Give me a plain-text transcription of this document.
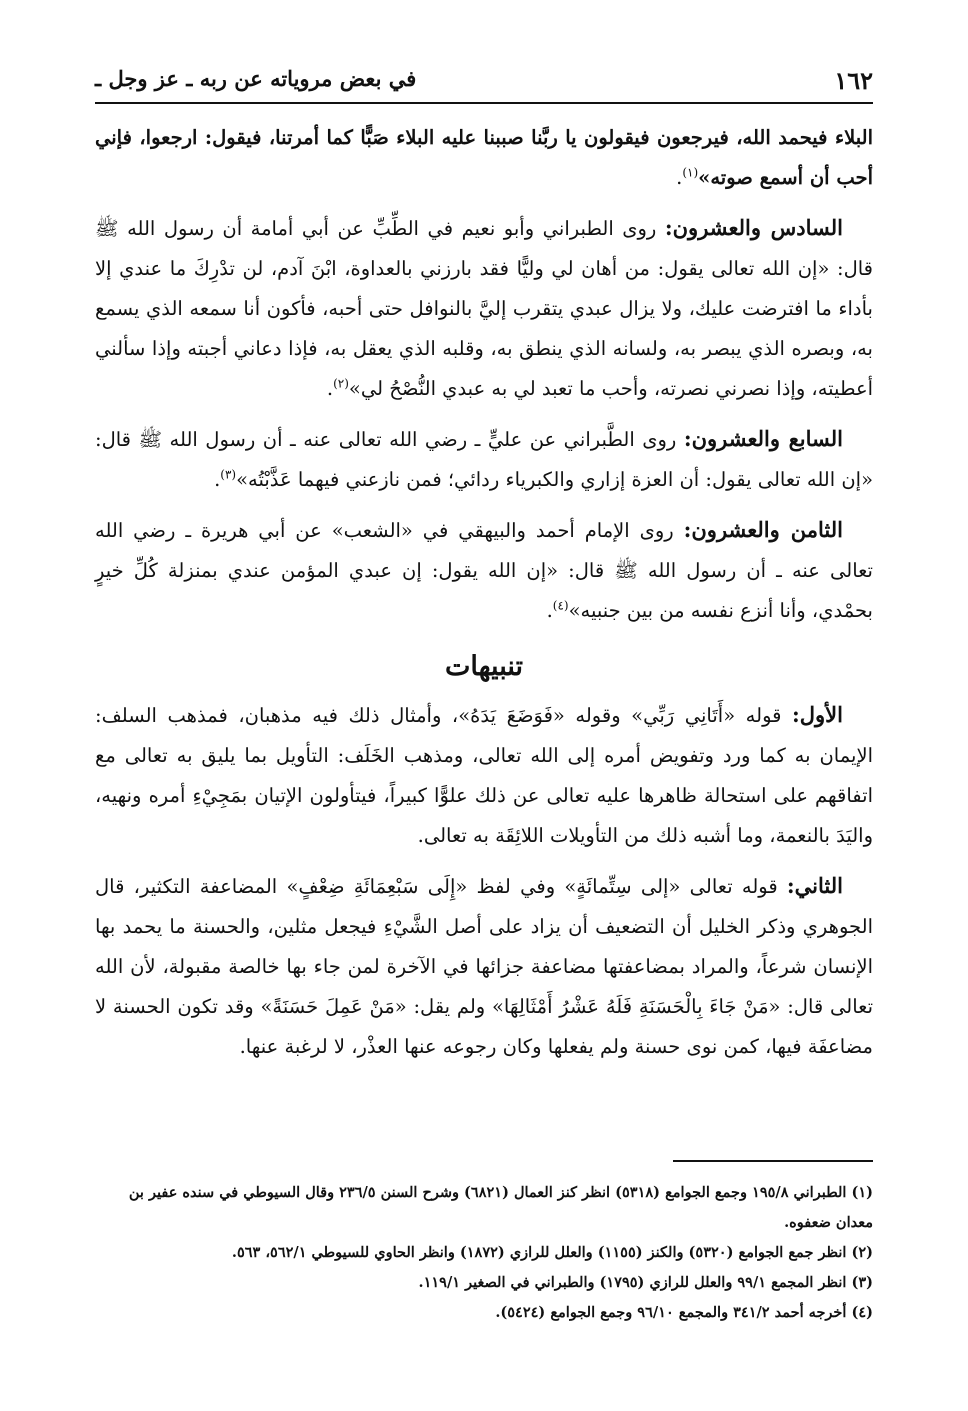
١٦٢
في بعض مروياته عن ربه ـ عز وجل ـ

البلاء فيحمد الله، فيرجعون فيقولون يا ربَّنا صببنا عليه البلاء صَبًّا كما أمرتنا، فيقول: ارجعوا، فإني أحب أن أسمع صوته»$^{(١)}$.

السادس والعشرون: روى الطبراني وأبو نعيم في الطِّبِّ عن أبي أمامة أن رسول الله ﷺ قال: «إن الله تعالى يقول: من أهان لي وليًّا فقد بارزني بالعداوة، ابْنَ آدم، لن تدْرِكَ ما عندي إلا بأداء ما افترضت عليك، ولا يزال عبدي يتقرب إليَّ بالنوافل حتى أحبه، فأكون أنا سمعه الذي يسمع به، وبصره الذي يبصر به، ولسانه الذي ينطق به، وقلبه الذي يعقل به، فإذا دعاني أجبته وإذا سألني أعطيته، وإذا نصرني نصرته، وأحب ما تعبد لي به عبدي النُّصْحُ لي»$^{(٢)}$.

السابع والعشرون: روى الطَّبراني عن عليٍّ ـ رضي الله تعالى عنه ـ أن رسول الله ﷺ قال: «إن الله تعالى يقول: أن العزة إزاري والكبرياء ردائي؛ فمن نازعني فيهما عَذَّبْتُه»$^{(٣)}$.

الثامن والعشرون: روى الإمام أحمد والبيهقي في «الشعب» عن أبي هريرة ـ رضي الله تعالى عنه ـ أن رسول الله ﷺ قال: «إن الله يقول: إن عبدي المؤمن عندي بمنزلة كُلِّ خيرٍ بحمْدي، وأنا أنزع نفسه من بين جنبيه»$^{(٤)}$.

تنبيهات

الأول: قوله «أَتَانِي رَبِّي» وقوله «فَوَضَعَ يَدَهُ»، وأمثال ذلك فيه مذهبان، فمذهب السلف: الإيمان به كما ورد وتفويض أمره إلى الله تعالى، ومذهب الخَلَف: التأويل بما يليق به تعالى مع اتفاقهم على استحالة ظاهرها عليه تعالى عن ذلك علوًّا كبيراً، فيتأولون الإتيان بمَجِيْءِ أمره ونهيه، واليَدَ بالنعمة، وما أشبه ذلك من التأويلات اللائِقَة به تعالى.

الثاني: قوله تعالى «إلى سِتِّمائَةٍ» وفي لفظ «إِلَى سَبْعِمَائَةِ ضِعْفٍ» المضاعفة التكثير، قال الجوهري وذكر الخليل أن التضعيف أن يزاد على أصل الشَّيْءِ فيجعل مثلين، والحسنة ما يحمد بها الإنسان شرعاً، والمراد بمضاعفتها مضاعفة جزائها في الآخرة لمن جاء بها خالصة مقبولة، لأن الله تعالى قال: «مَنْ جَاءَ بِالْحَسَنَةِ فَلَهُ عَشْرُ أَمْثَالِهَا» ولم يقل: «مَنْ عَمِلَ حَسَنَةً» وقد تكون الحسنة لا مضاعفَة فيها، كمن نوى حسنة ولم يفعلها وكان رجوعه عنها العذْر، لا لرغبة عنها.

(١) الطبراني ١٩٥/٨ وجمع الجوامع (٥٣١٨) انظر كنز العمال (٦٨٢١) وشرح السنن ٢٣٦/٥ وقال السيوطي في سنده عفير بن معدان ضعفوه.
(٢) انظر جمع الجوامع (٥٣٢٠) والكنز (١١٥٥) والعلل للرازي (١٨٧٢) وانظر الحاوي للسيوطي ٥٦٢/١، ٥٦٣.
(٣) انظر المجمع ٩٩/١ والعلل للرازي (١٧٩٥) والطبراني في الصغير ١١٩/١.
(٤) أخرجه أحمد ٣٤١/٢ والمجمع ٩٦/١٠ وجمع الجوامع (٥٤٢٤).
